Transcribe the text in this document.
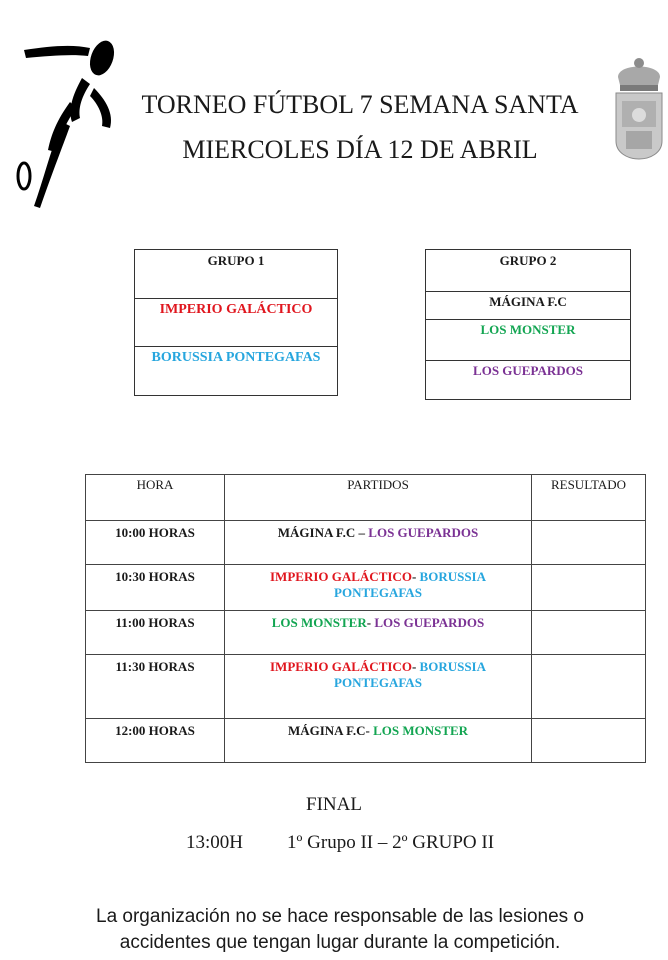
TORNEO FÚTBOL 7 SEMANA SANTA
MIERCOLES DÍA 12 DE ABRIL
GRUPO 1
IMPERIO GALÁCTICO
BORUSSIA PONTEGAFAS
GRUPO 2
MÁGINA F.C
LOS MONSTER
LOS GUEPARDOS
HORA	PARTIDOS	RESULTADO
10:00 HORAS	MÁGINA F.C – LOS GUEPARDOS	
10:30 HORAS	IMPERIO GALÁCTICO- BORUSSIA PONTEGAFAS	
11:00 HORAS	LOS MONSTER- LOS GUEPARDOS	
11:30 HORAS	IMPERIO GALÁCTICO- BORUSSIA PONTEGAFAS	
12:00 HORAS	MÁGINA F.C- LOS MONSTER	
FINAL
13:00H 1º Grupo II – 2º GRUPO II
La organización no se hace responsable de las lesiones o accidentes que tengan lugar durante la competición.
